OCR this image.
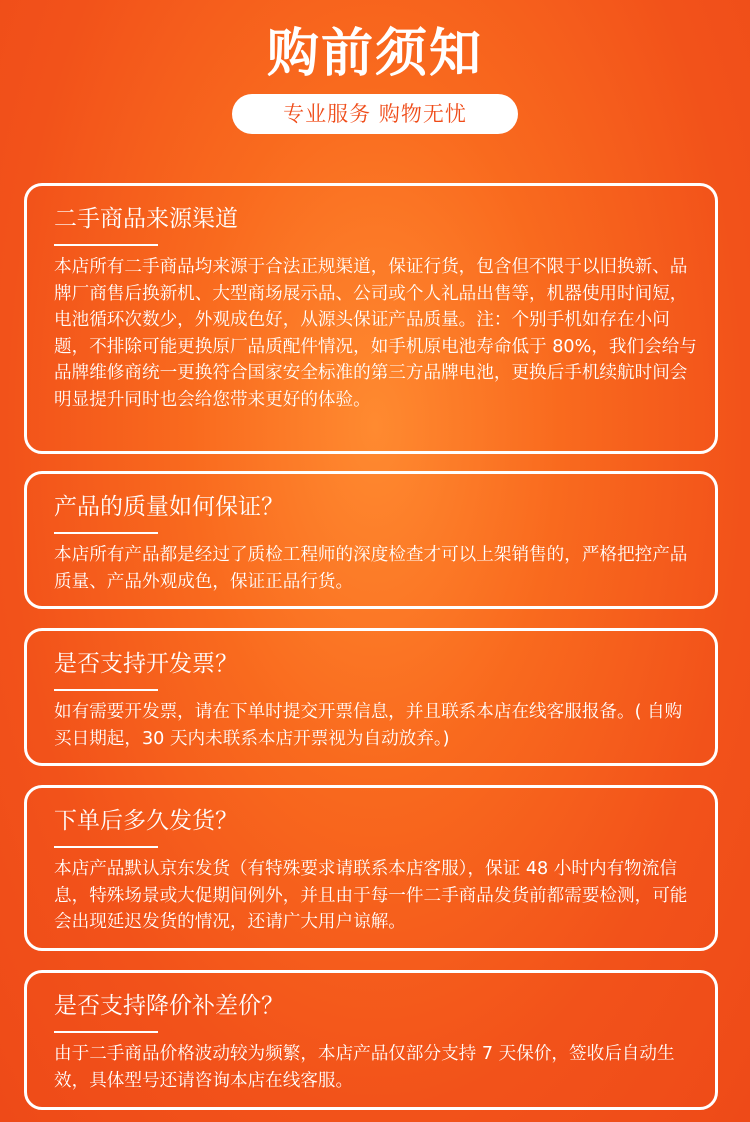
购前须知
专业服务 购物无忧
二手商品来源渠道

本店所有二手商品均来源于合法正规渠道，保证行货，包含但不限于以旧换新、品牌厂商售后换新机、大型商场展示品、公司或个人礼品出售等，机器使用时间短，电池循环次数少，外观成色好，从源头保证产品质量。注：个别手机如存在小问题，不排除可能更换原厂品质配件情况，如手机原电池寿命低于 80%，我们会给与品牌维修商统一更换符合国家安全标准的第三方品牌电池，更换后手机续航时间会明显提升同时也会给您带来更好的体验。

产品的质量如何保证？

本店所有产品都是经过了质检工程师的深度检查才可以上架销售的，严格把控产品质量、产品外观成色，保证正品行货。

是否支持开发票？

如有需要开发票，请在下单时提交开票信息，并且联系本店在线客服报备。( 自购买日期起，30 天内未联系本店开票视为自动放弃。)

下单后多久发货？

本店产品默认京东发货（有特殊要求请联系本店客服），保证 48 小时内有物流信息，特殊场景或大促期间例外，并且由于每一件二手商品发货前都需要检测，可能会出现延迟发货的情况，还请广大用户谅解。

是否支持降价补差价？

由于二手商品价格波动较为频繁，本店产品仅部分支持 7 天保价，签收后自动生效，具体型号还请咨询本店在线客服。
